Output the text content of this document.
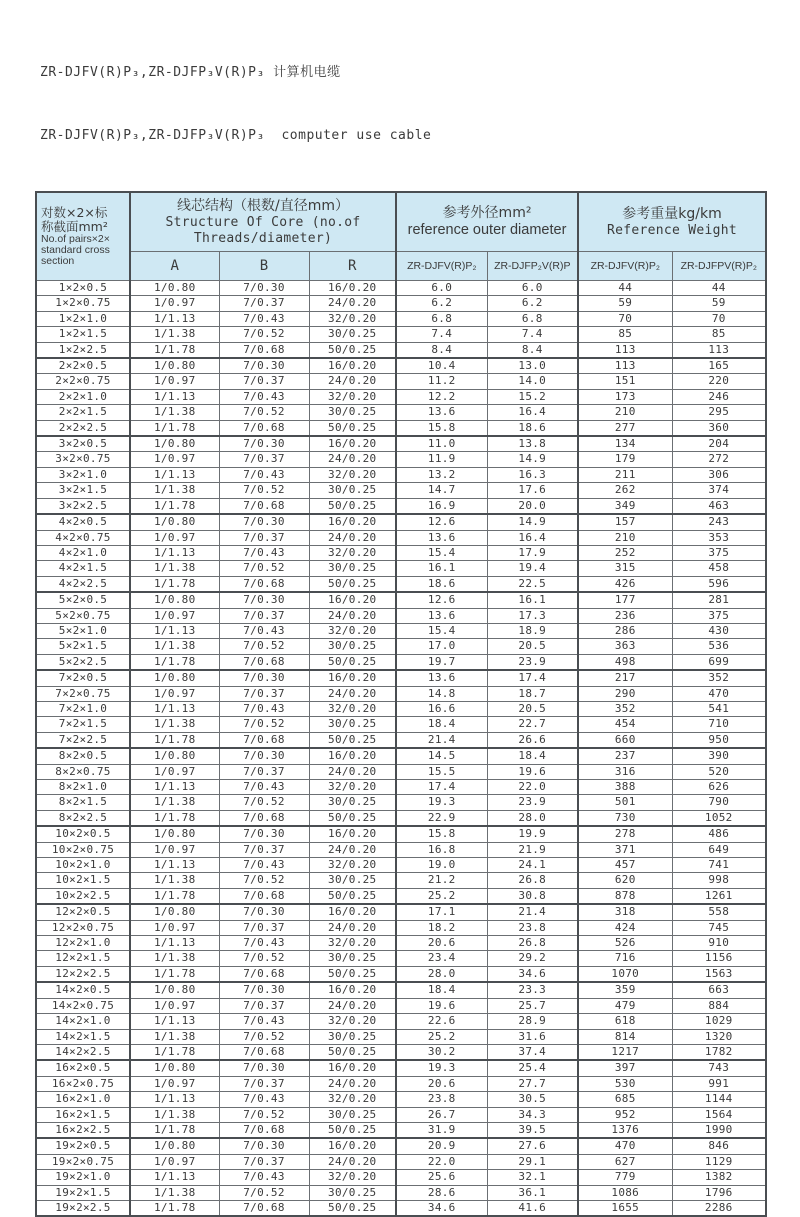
ZR-DJFV(R)P₃,ZR-DJFP₃V(R)P₃ 计算机电缆

ZR-DJFV(R)P₃,ZR-DJFP₃V(R)P₃  computer use cable

对数×2×标
称截面mm²
No.of pairs×2×
standard cross
section

线芯结构（根数/直径mm）
Structure Of Core (no.of Threads/diameter)

参考外径mm²
reference outer diameter

参考重量kg/km
Reference Weight

	A	B	R	ZR-DJFV(R)P₂	ZR-DJFP₂V(R)P	ZR-DJFV(R)P₂	ZR-DJFPV(R)P₂
1×2×0.5	1/0.80	7/0.30	16/0.20	6.0	6.0	44	44
1×2×0.75	1/0.97	7/0.37	24/0.20	6.2	6.2	59	59
1×2×1.0	1/1.13	7/0.43	32/0.20	6.8	6.8	70	70
1×2×1.5	1/1.38	7/0.52	30/0.25	7.4	7.4	85	85
1×2×2.5	1/1.78	7/0.68	50/0.25	8.4	8.4	113	113
2×2×0.5	1/0.80	7/0.30	16/0.20	10.4	13.0	113	165
2×2×0.75	1/0.97	7/0.37	24/0.20	11.2	14.0	151	220
2×2×1.0	1/1.13	7/0.43	32/0.20	12.2	15.2	173	246
2×2×1.5	1/1.38	7/0.52	30/0.25	13.6	16.4	210	295
2×2×2.5	1/1.78	7/0.68	50/0.25	15.8	18.6	277	360
3×2×0.5	1/0.80	7/0.30	16/0.20	11.0	13.8	134	204
3×2×0.75	1/0.97	7/0.37	24/0.20	11.9	14.9	179	272
3×2×1.0	1/1.13	7/0.43	32/0.20	13.2	16.3	211	306
3×2×1.5	1/1.38	7/0.52	30/0.25	14.7	17.6	262	374
3×2×2.5	1/1.78	7/0.68	50/0.25	16.9	20.0	349	463
4×2×0.5	1/0.80	7/0.30	16/0.20	12.6	14.9	157	243
4×2×0.75	1/0.97	7/0.37	24/0.20	13.6	16.4	210	353
4×2×1.0	1/1.13	7/0.43	32/0.20	15.4	17.9	252	375
4×2×1.5	1/1.38	7/0.52	30/0.25	16.1	19.4	315	458
4×2×2.5	1/1.78	7/0.68	50/0.25	18.6	22.5	426	596
5×2×0.5	1/0.80	7/0.30	16/0.20	12.6	16.1	177	281
5×2×0.75	1/0.97	7/0.37	24/0.20	13.6	17.3	236	375
5×2×1.0	1/1.13	7/0.43	32/0.20	15.4	18.9	286	430
5×2×1.5	1/1.38	7/0.52	30/0.25	17.0	20.5	363	536
5×2×2.5	1/1.78	7/0.68	50/0.25	19.7	23.9	498	699
7×2×0.5	1/0.80	7/0.30	16/0.20	13.6	17.4	217	352
7×2×0.75	1/0.97	7/0.37	24/0.20	14.8	18.7	290	470
7×2×1.0	1/1.13	7/0.43	32/0.20	16.6	20.5	352	541
7×2×1.5	1/1.38	7/0.52	30/0.25	18.4	22.7	454	710
7×2×2.5	1/1.78	7/0.68	50/0.25	21.4	26.6	660	950
8×2×0.5	1/0.80	7/0.30	16/0.20	14.5	18.4	237	390
8×2×0.75	1/0.97	7/0.37	24/0.20	15.5	19.6	316	520
8×2×1.0	1/1.13	7/0.43	32/0.20	17.4	22.0	388	626
8×2×1.5	1/1.38	7/0.52	30/0.25	19.3	23.9	501	790
8×2×2.5	1/1.78	7/0.68	50/0.25	22.9	28.0	730	1052
10×2×0.5	1/0.80	7/0.30	16/0.20	15.8	19.9	278	486
10×2×0.75	1/0.97	7/0.37	24/0.20	16.8	21.9	371	649
10×2×1.0	1/1.13	7/0.43	32/0.20	19.0	24.1	457	741
10×2×1.5	1/1.38	7/0.52	30/0.25	21.2	26.8	620	998
10×2×2.5	1/1.78	7/0.68	50/0.25	25.2	30.8	878	1261
12×2×0.5	1/0.80	7/0.30	16/0.20	17.1	21.4	318	558
12×2×0.75	1/0.97	7/0.37	24/0.20	18.2	23.8	424	745
12×2×1.0	1/1.13	7/0.43	32/0.20	20.6	26.8	526	910
12×2×1.5	1/1.38	7/0.52	30/0.25	23.4	29.2	716	1156
12×2×2.5	1/1.78	7/0.68	50/0.25	28.0	34.6	1070	1563
14×2×0.5	1/0.80	7/0.30	16/0.20	18.4	23.3	359	663
14×2×0.75	1/0.97	7/0.37	24/0.20	19.6	25.7	479	884
14×2×1.0	1/1.13	7/0.43	32/0.20	22.6	28.9	618	1029
14×2×1.5	1/1.38	7/0.52	30/0.25	25.2	31.6	814	1320
14×2×2.5	1/1.78	7/0.68	50/0.25	30.2	37.4	1217	1782
16×2×0.5	1/0.80	7/0.30	16/0.20	19.3	25.4	397	743
16×2×0.75	1/0.97	7/0.37	24/0.20	20.6	27.7	530	991
16×2×1.0	1/1.13	7/0.43	32/0.20	23.8	30.5	685	1144
16×2×1.5	1/1.38	7/0.52	30/0.25	26.7	34.3	952	1564
16×2×2.5	1/1.78	7/0.68	50/0.25	31.9	39.5	1376	1990
19×2×0.5	1/0.80	7/0.30	16/0.20	20.9	27.6	470	846
19×2×0.75	1/0.97	7/0.37	24/0.20	22.0	29.1	627	1129
19×2×1.0	1/1.13	7/0.43	32/0.20	25.6	32.1	779	1382
19×2×1.5	1/1.38	7/0.52	30/0.25	28.6	36.1	1086	1796
19×2×2.5	1/1.78	7/0.68	50/0.25	34.6	41.6	1655	2286
